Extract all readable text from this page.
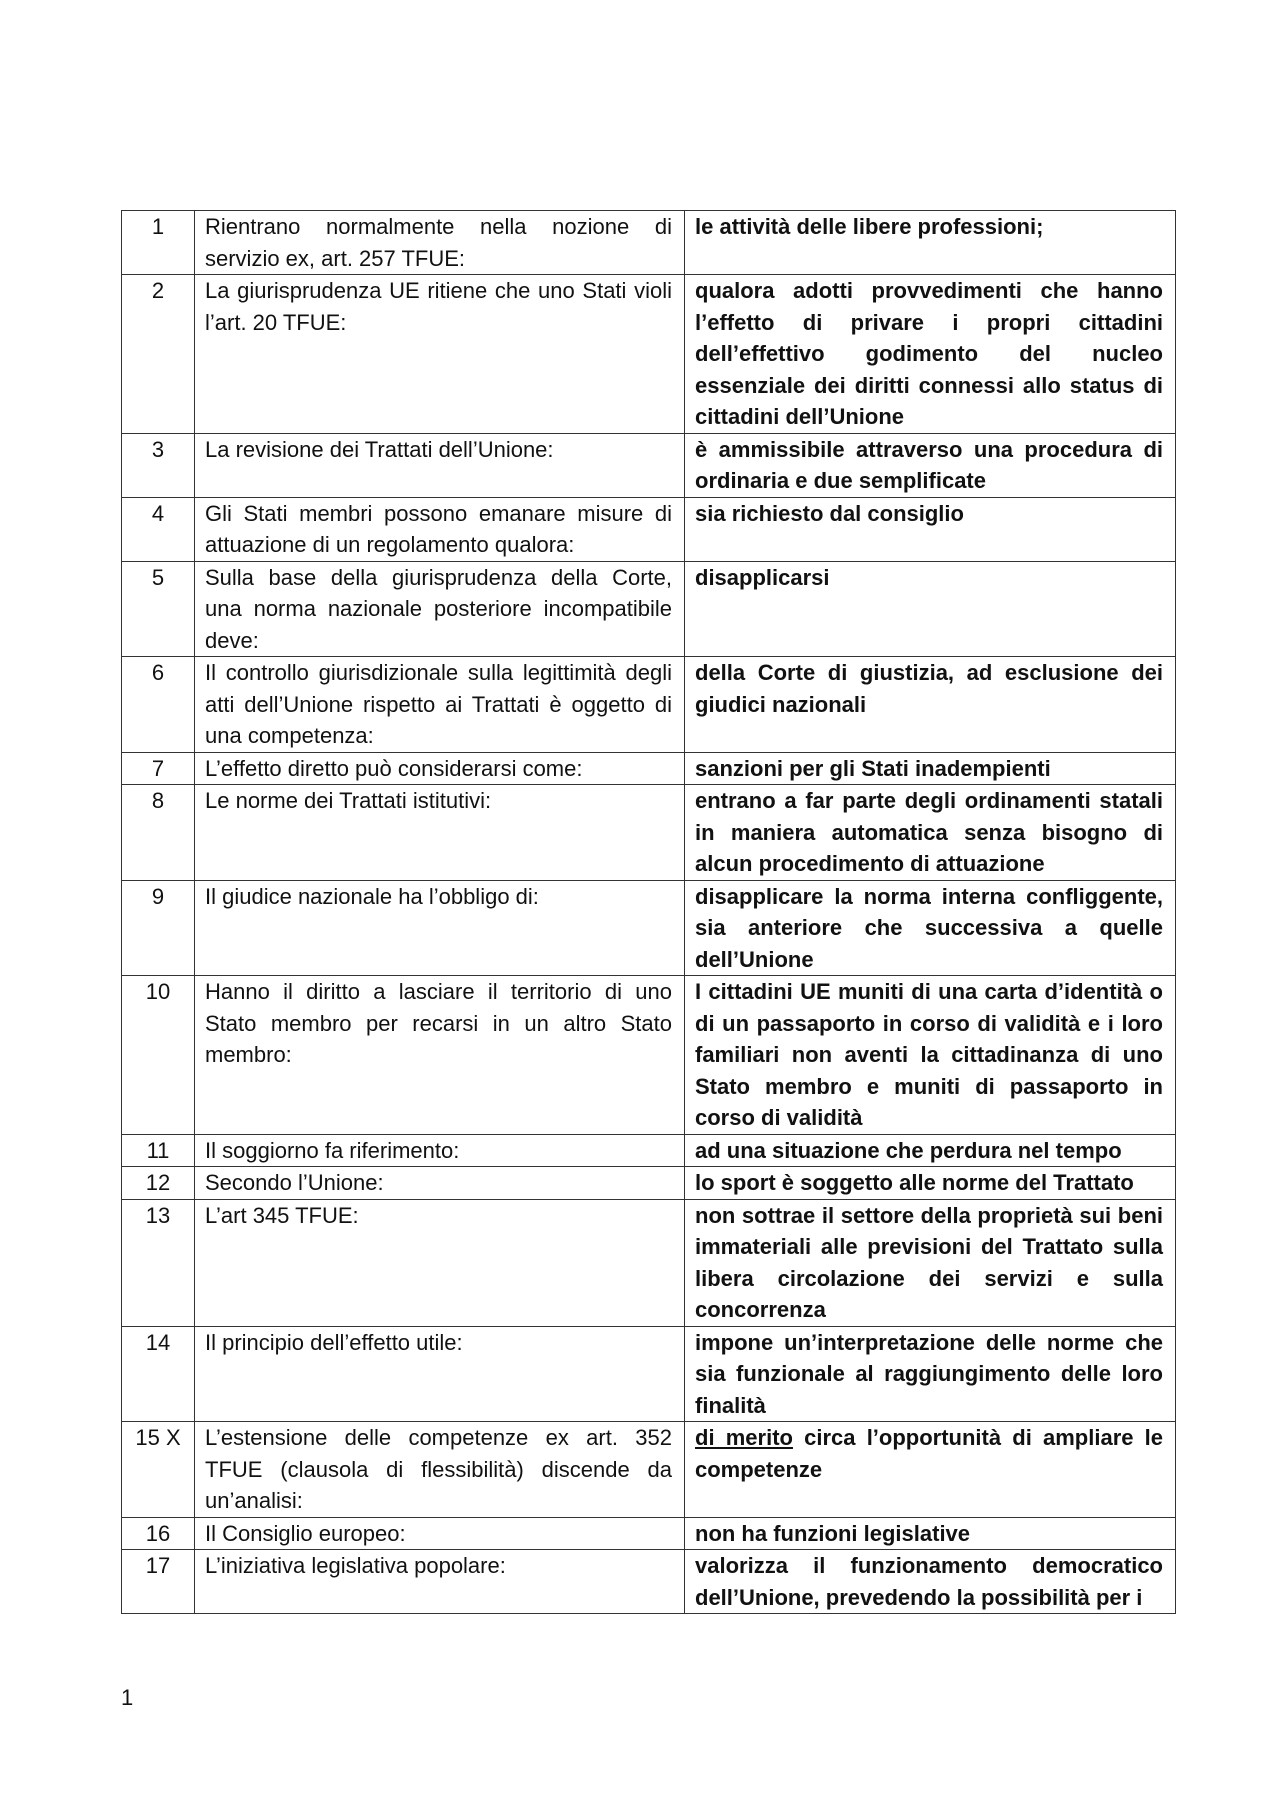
1	Rientrano normalmente nella nozione di servizio ex, art. 257 TFUE:	le attività delle libere professioni;
2	La giurisprudenza UE ritiene che uno Stati violi l’art. 20 TFUE:	qualora adotti provvedimenti che hanno l’effetto di privare i propri cittadini dell’effettivo godimento del nucleo essenziale dei diritti connessi allo status di cittadini dell’Unione
3	La revisione dei Trattati dell’Unione:	è ammissibile attraverso una procedura di ordinaria e due semplificate
4	Gli Stati membri possono emanare misure di attuazione di un regolamento qualora:	sia richiesto dal consiglio
5	Sulla base della giurisprudenza della Corte, una norma nazionale posteriore incompatibile deve:	disapplicarsi
6	Il controllo giurisdizionale sulla legittimità degli atti dell’Unione rispetto ai Trattati è oggetto di una competenza:	della Corte di giustizia, ad esclusione dei giudici nazionali
7	L’effetto diretto può considerarsi come:	sanzioni per gli Stati inadempienti
8	Le norme dei Trattati istitutivi:	entrano a far parte degli ordinamenti statali in maniera automatica senza bisogno di alcun procedimento di attuazione
9	Il giudice nazionale ha l’obbligo di:	disapplicare la norma interna confliggente, sia anteriore che successiva a quelle dell’Unione
10	Hanno il diritto a lasciare il territorio di uno Stato membro per recarsi in un altro Stato membro:	I cittadini UE muniti di una carta d’identità o di un passaporto in corso di validità e i loro familiari non aventi la cittadinanza di uno Stato membro e muniti di passaporto in corso di validità
11	Il soggiorno fa riferimento:	ad una situazione che perdura nel tempo
12	Secondo l’Unione:	lo sport è soggetto alle norme del Trattato
13	L’art 345 TFUE:	non sottrae il settore della proprietà sui beni immateriali alle previsioni del Trattato sulla libera circolazione dei servizi e sulla concorrenza
14	Il principio dell’effetto utile:	impone un’interpretazione delle norme che sia funzionale al raggiungimento delle loro finalità
15 X	L’estensione delle competenze ex art. 352 TFUE (clausola di flessibilità) discende da un’analisi:	di merito circa l’opportunità di ampliare le competenze
16	Il Consiglio europeo:	non ha funzioni legislative
17	L’iniziativa legislativa popolare:	valorizza il funzionamento democratico dell’Unione, prevedendo la possibilità per i
1
